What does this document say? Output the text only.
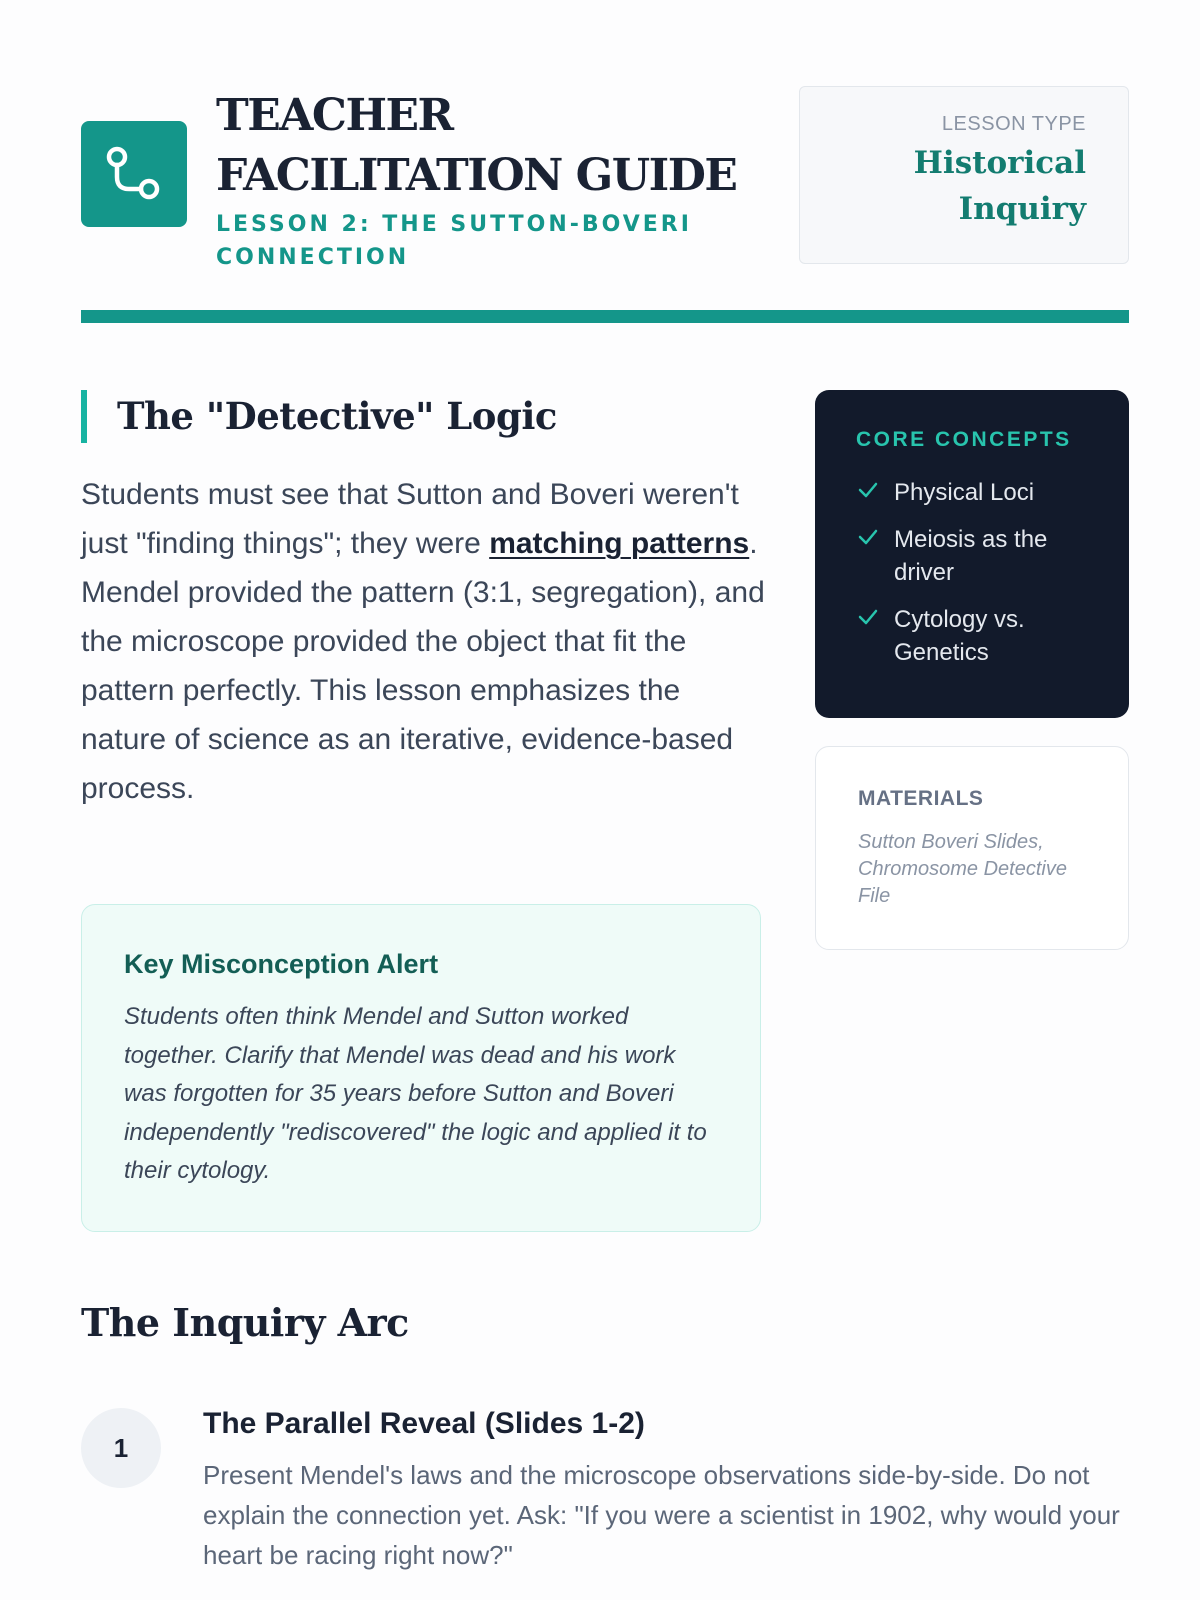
TEACHER FACILITATION GUIDE
LESSON 2: THE SUTTON-BOVERI CONNECTION
LESSON TYPE
Historical Inquiry
The "Detective" Logic

Students must see that Sutton and Boveri weren't just "finding things"; they were matching patterns. Mendel provided the pattern (3:1, segregation), and the microscope provided the object that fit the pattern perfectly. This lesson emphasizes the nature of science as an iterative, evidence-based process.

Key Misconception Alert

Students often think Mendel and Sutton worked together. Clarify that Mendel was dead and his work was forgotten for 35 years before Sutton and Boveri independently "rediscovered" the logic and applied it to their cytology.

CORE CONCEPTS
Physical Loci
Meiosis as the driver
Cytology vs. Genetics
MATERIALS

Sutton Boveri Slides, Chromosome Detective File

The Inquiry Arc
1
The Parallel Reveal (Slides 1-2)

Present Mendel's laws and the microscope observations side-by-side. Do not explain the connection yet. Ask: "If you were a scientist in 1902, why would your heart be racing right now?"
